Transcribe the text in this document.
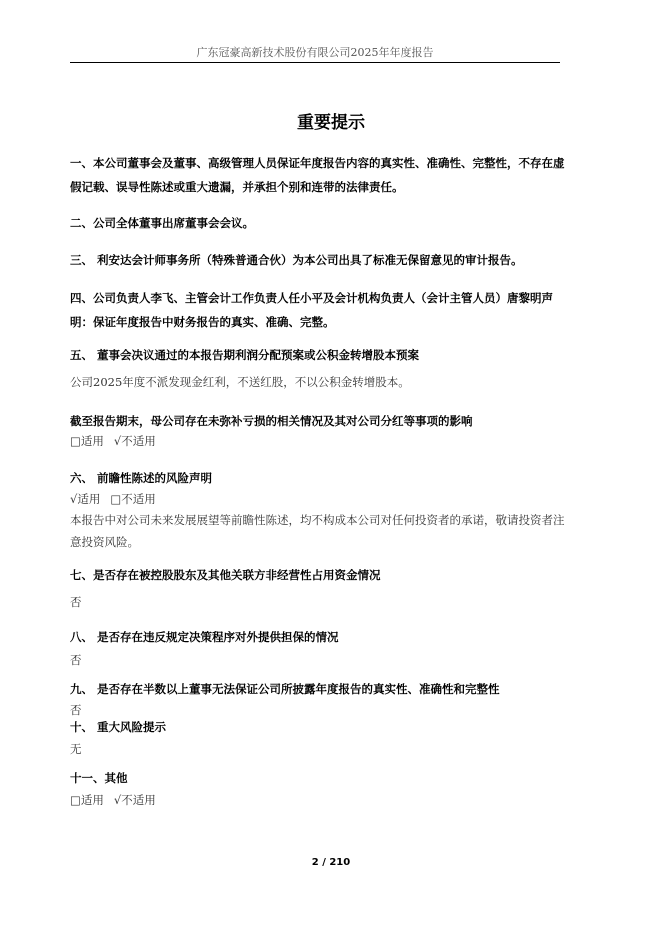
广东冠豪高新技术股份有限公司2025年年度报告
重要提示

一、本公司董事会及董事、高级管理人员保证年度报告内容的真实性、准确性、完整性，不存在虚假记载、误导性陈述或重大遗漏，并承担个别和连带的法律责任。

二、公司全体董事出席董事会会议。

三、 利安达会计师事务所（特殊普通合伙）为本公司出具了标准无保留意见的审计报告。

四、公司负责人李飞、主管会计工作负责人任小平及会计机构负责人（会计主管人员）唐黎明声明：保证年度报告中财务报告的真实、准确、完整。

五、 董事会决议通过的本报告期利润分配预案或公积金转增股本预案

公司2025年度不派发现金红利，不送红股，不以公积金转增股本。

截至报告期末，母公司存在未弥补亏损的相关情况及其对公司分红等事项的影响

□适用 √不适用

六、 前瞻性陈述的风险声明

√适用 □不适用

本报告中对公司未来发展展望等前瞻性陈述，均不构成本公司对任何投资者的承诺，敬请投资者注意投资风险。

七、是否存在被控股股东及其他关联方非经营性占用资金情况

否

八、 是否存在违反规定决策程序对外提供担保的情况

否

九、 是否存在半数以上董事无法保证公司所披露年度报告的真实性、准确性和完整性

否

十、 重大风险提示

无

十一、其他

□适用 √不适用

2 / 210
